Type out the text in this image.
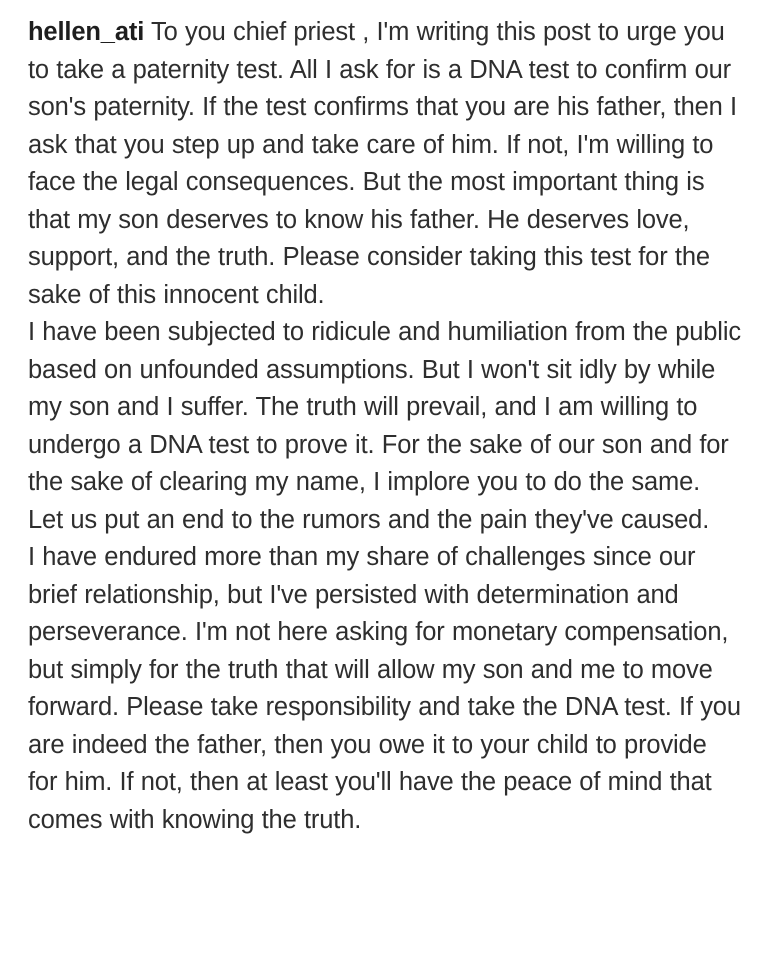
hellen_ati To you chief priest , I'm writing this post to urge you to take a paternity test. All I ask for is a DNA test to confirm our son's paternity. If the test confirms that you are his father, then I ask that you step up and take care of him. If not, I'm willing to face the legal consequences. But the most important thing is that my son deserves to know his father. He deserves love, support, and the truth. Please consider taking this test for the sake of this innocent child.

I have been subjected to ridicule and humiliation from the public based on unfounded assumptions. But I won't sit idly by while my son and I suffer. The truth will prevail, and I am willing to undergo a DNA test to prove it. For the sake of our son and for the sake of clearing my name, I implore you to do the same. Let us put an end to the rumors and the pain they've caused.

I have endured more than my share of challenges since our brief relationship, but I've persisted with determination and perseverance. I'm not here asking for monetary compensation, but simply for the truth that will allow my son and me to move forward. Please take responsibility and take the DNA test. If you are indeed the father, then you owe it to your child to provide for him. If not, then at least you'll have the peace of mind that comes with knowing the truth.
